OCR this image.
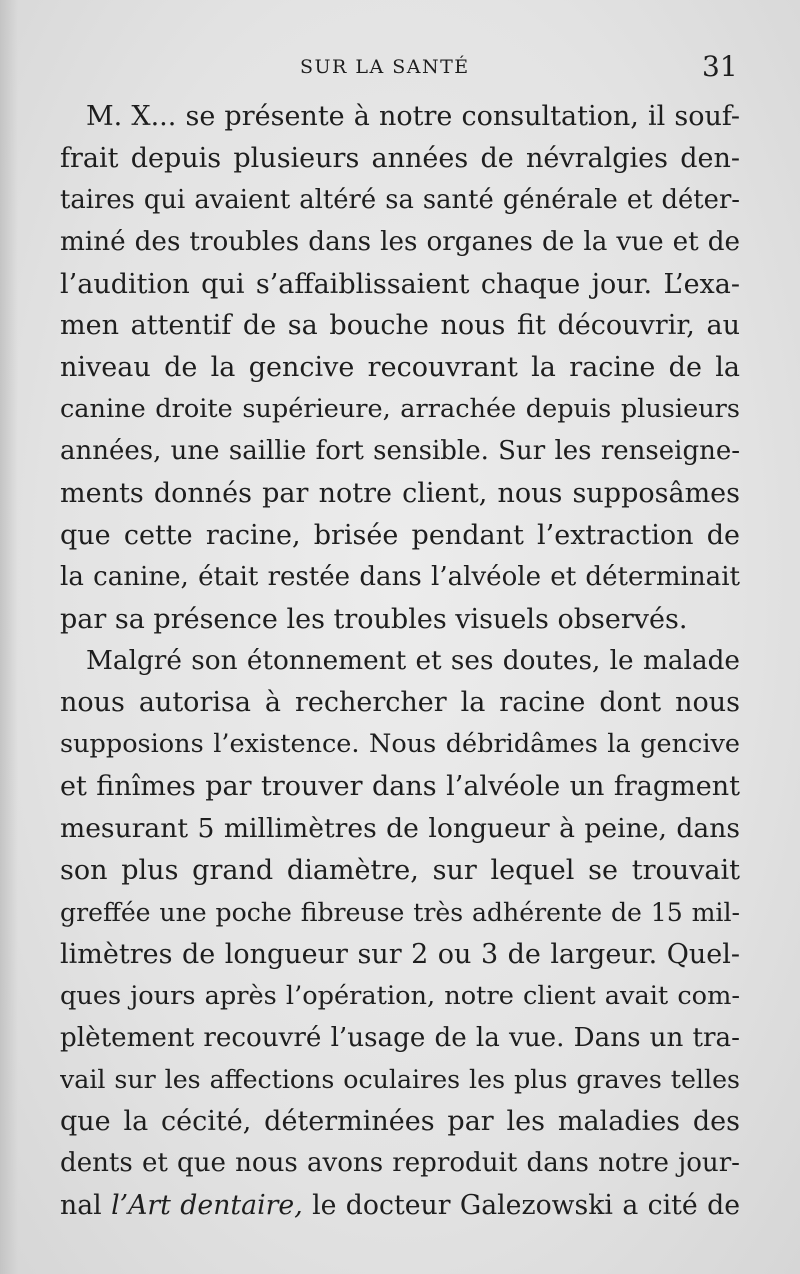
SUR LA SANTÉ	31
M. X... se présente à notre consultation, il souf-
frait depuis plusieurs années de névralgies den-
taires qui avaient altéré sa santé générale et déter-
miné des troubles dans les organes de la vue et de
l’audition qui s’affaiblissaient chaque jour. L’exa-
men attentif de sa bouche nous fit découvrir, au
niveau de la gencive recouvrant la racine de la
canine droite supérieure, arrachée depuis plusieurs
années, une saillie fort sensible. Sur les renseigne-
ments donnés par notre client, nous supposâmes
que cette racine, brisée pendant l’extraction de
la canine, était restée dans l’alvéole et déterminait
par sa présence les troubles visuels observés.
Malgré son étonnement et ses doutes, le malade
nous autorisa à rechercher la racine dont nous
supposions l’existence. Nous débridâmes la gencive
et finîmes par trouver dans l’alvéole un fragment
mesurant 5 millimètres de longueur à peine, dans
son plus grand diamètre, sur lequel se trouvait
greffée une poche fibreuse très adhérente de 15 mil-
limètres de longueur sur 2 ou 3 de largeur. Quel-
ques jours après l’opération, notre client avait com-
plètement recouvré l’usage de la vue. Dans un tra-
vail sur les affections oculaires les plus graves telles
que la cécité, déterminées par les maladies des
dents et que nous avons reproduit dans notre jour-
nal l’Art dentaire, le docteur Galezowski a cité de
